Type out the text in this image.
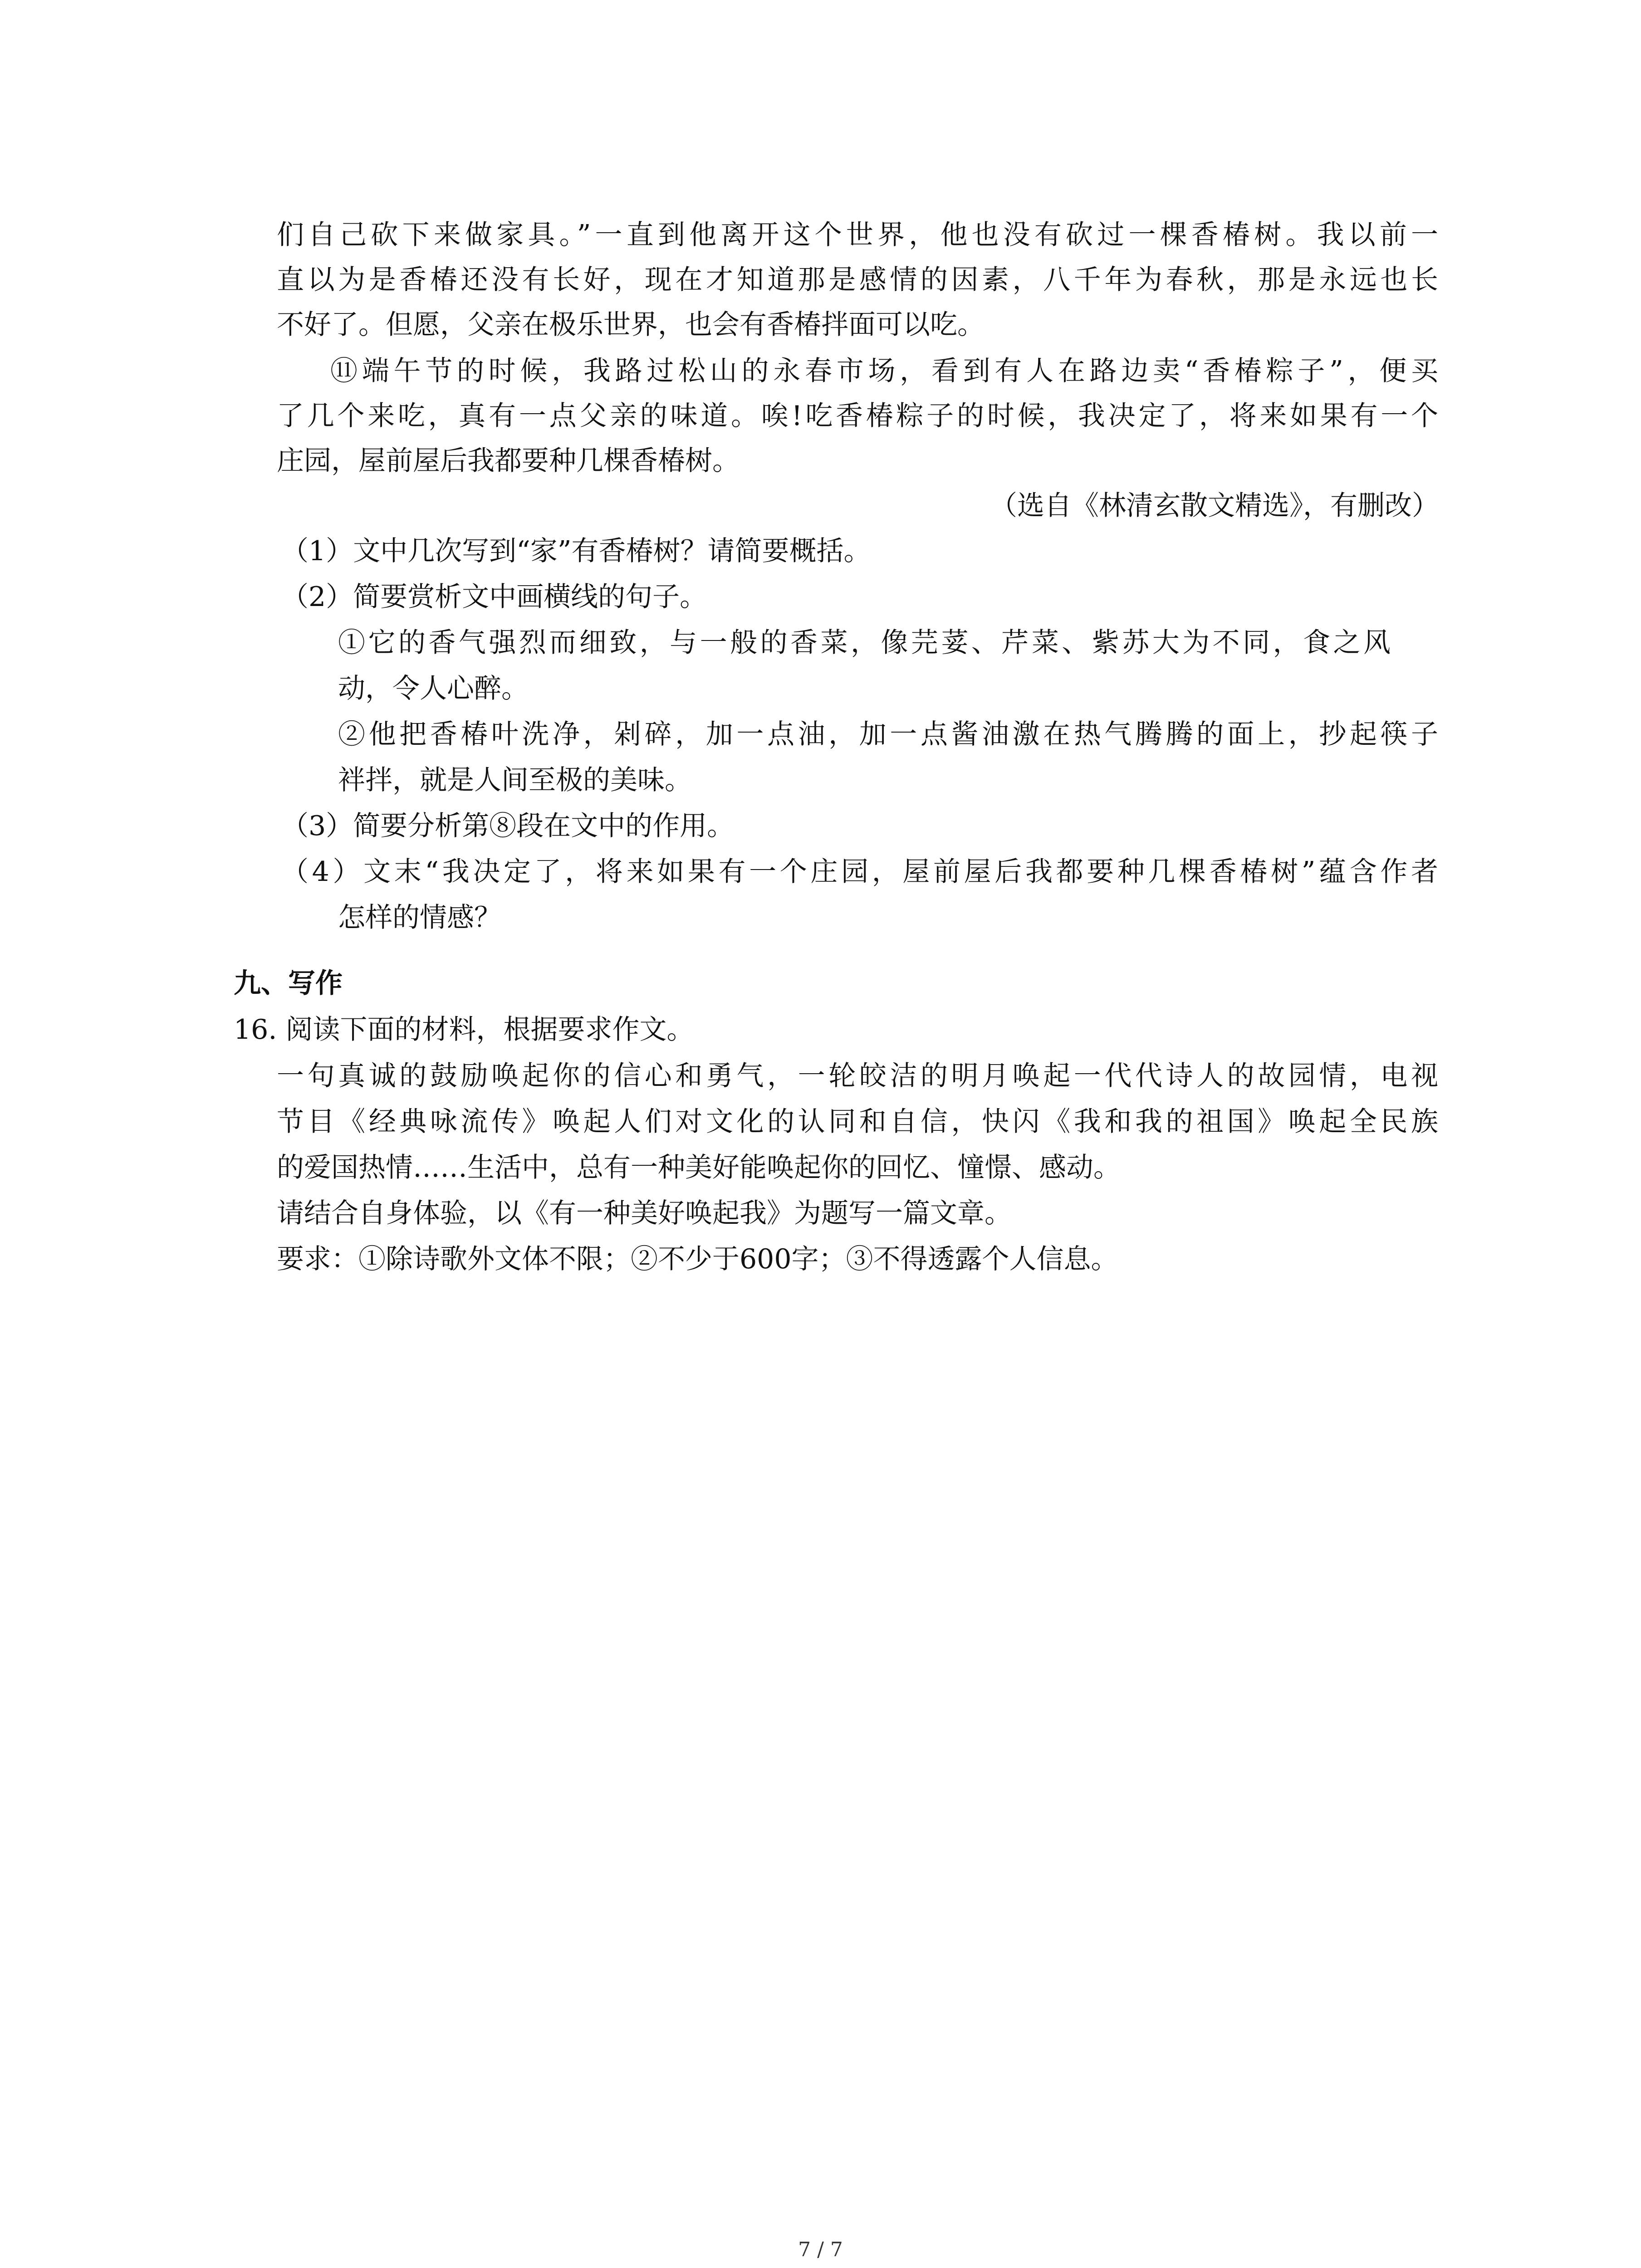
们自己砍下来做家具。”一直到他离开这个世界，他也没有砍过一棵香椿树。我以前一

直以为是香椿还没有长好，现在才知道那是感情的因素，八千年为春秋，那是永远也长

不好了。但愿，父亲在极乐世界，也会有香椿拌面可以吃。

⑪端午节的时候，我路过松山的永春市场，看到有人在路边卖“香椿粽子”，便买

了几个来吃，真有一点父亲的味道。唉!吃香椿粽子的时候，我决定了，将来如果有一个

庄园，屋前屋后我都要种几棵香椿树。

（选自《林清玄散文精选》，有删改）

（1）文中几次写到“家”有香椿树？请简要概括。

（2）简要赏析文中画横线的句子。

①它的香气强烈而细致，与一般的香菜，像芫荽、芹菜、紫苏大为不同，食之风

动，令人心醉。

②他把香椿叶洗净，剁碎，加一点油，加一点酱油激在热气腾腾的面上，抄起筷子

袢拌，就是人间至极的美味。

（3）简要分析第⑧段在文中的作用。

（4）文末“我决定了，将来如果有一个庄园，屋前屋后我都要种几棵香椿树”蕴含作者

怎样的情感？

九、写作

16. 阅读下面的材料，根据要求作文。

一句真诚的鼓励唤起你的信心和勇气，一轮皎洁的明月唤起一代代诗人的故园情，电视

节目《经典咏流传》唤起人们对文化的认同和自信，快闪《我和我的祖国》唤起全民族

的爱国热情……生活中，总有一种美好能唤起你的回忆、憧憬、感动。

请结合自身体验，以《有一种美好唤起我》为题写一篇文章。

要求：①除诗歌外文体不限；②不少于600字；③不得透露个人信息。

7 / 7
